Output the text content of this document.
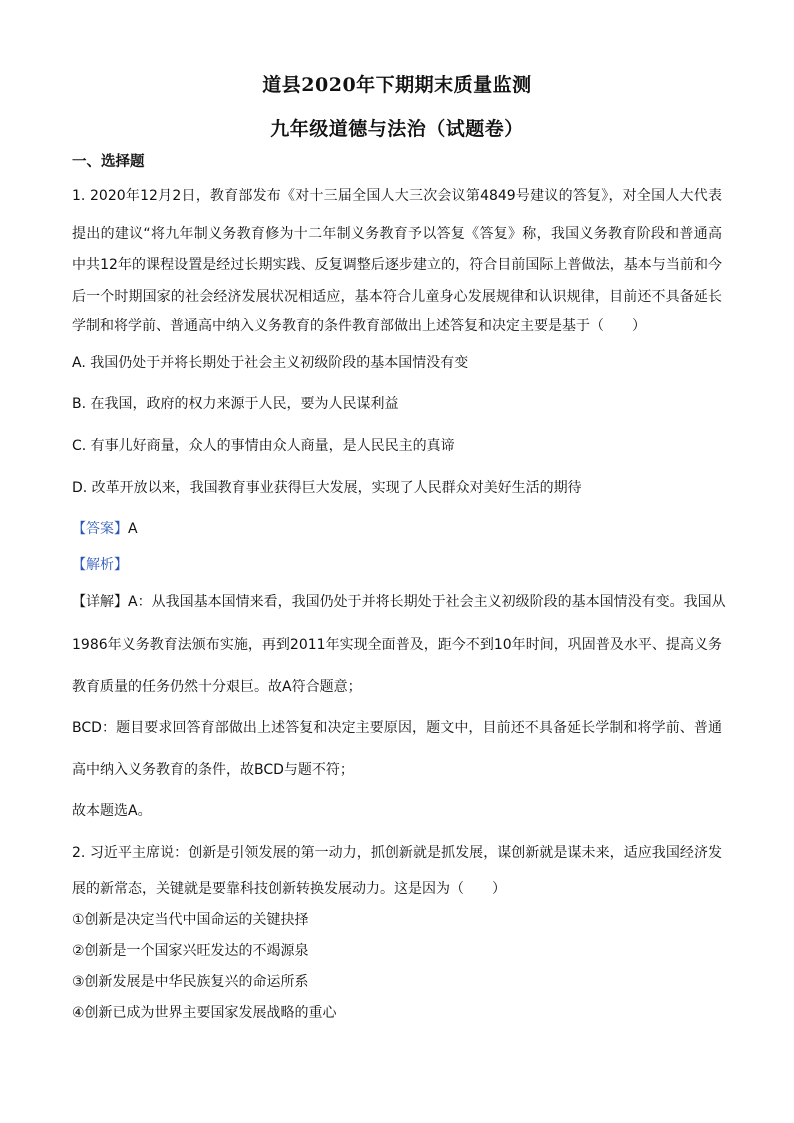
道县2020年下期期末质量监测
九年级道德与法治（试题卷）
一、选择题
1. 2020年12月2日，教育部发布《对十三届全国人大三次会议第4849号建议的答复》，对全国人大代表
提出的建议“将九年制义务教育修为十二年制义务教育予以答复《答复》称，我国义务教育阶段和普通高
中共12年的课程设置是经过长期实践、反复调整后逐步建立的，符合目前国际上普做法，基本与当前和今
后一个时期国家的社会经济发展状况相适应，基本符合儿童身心发展规律和认识规律，目前还不具备延长
学制和将学前、普通高中纳入义务教育的条件教育部做出上述答复和决定主要是基于（　　）
A. 我国仍处于并将长期处于社会主义初级阶段的基本国情没有变
B. 在我国，政府的权力来源于人民，要为人民谋利益
C. 有事儿好商量，众人的事情由众人商量，是人民民主的真谛
D. 改革开放以来，我国教育事业获得巨大发展，实现了人民群众对美好生活的期待
【答案】A
【解析】
【详解】A：从我国基本国情来看，我国仍处于并将长期处于社会主义初级阶段的基本国情没有变。我国从
1986年义务教育法颁布实施，再到2011年实现全面普及，距今不到10年时间，巩固普及水平、提高义务
教育质量的任务仍然十分艰巨。故A符合题意；
BCD：题目要求回答育部做出上述答复和决定主要原因，题文中，目前还不具备延长学制和将学前、普通
高中纳入义务教育的条件，故BCD与题不符；
故本题选A。
2. 习近平主席说：创新是引领发展的第一动力，抓创新就是抓发展，谋创新就是谋未来，适应我国经济发
展的新常态，关键就是要靠科技创新转换发展动力。这是因为（　　）
①创新是决定当代中国命运的关键抉择
②创新是一个国家兴旺发达的不竭源泉
③创新发展是中华民族复兴的命运所系
④创新已成为世界主要国家发展战略的重心
